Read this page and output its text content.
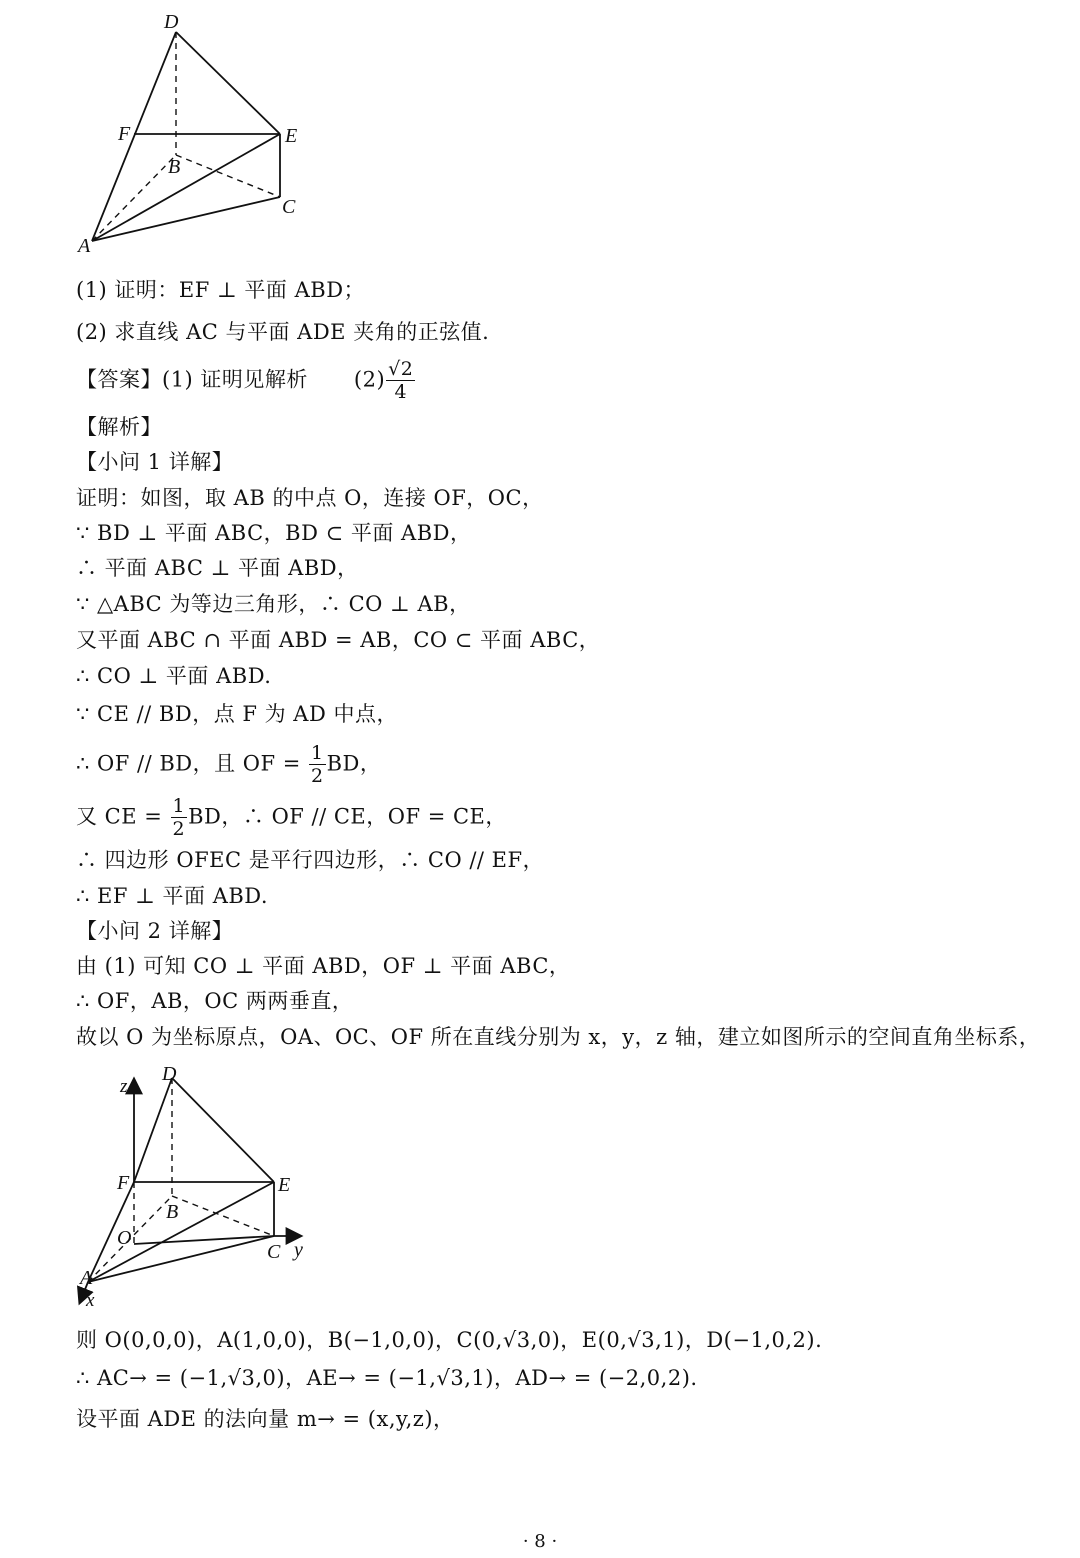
D
F	E
B
C
A
(1) 证明：EF ⊥ 平面 ABD；
(2) 求直线 AC 与平面 ADE 夹角的正弦值.
【答案】(1) 证明见解析 $(2) \frac{√2}{4}$
【解析】
【小问 1 详解】
证明：如图，取 AB 的中点 O，连接 OF，OC，
∵ BD ⊥ 平面 ABC，BD ⊂ 平面 ABD，
∴ 平面 ABC ⊥ 平面 ABD，
∵ △ABC 为等边三角形，∴ CO ⊥ AB，
又平面 ABC ∩ 平面 ABD = AB，CO ⊂ 平面 ABC，
∴ CO ⊥ 平面 ABD.
∵ CE // BD，点 F 为 AD 中点，
∴ OF // BD，且 OF = $\frac{1}{2}$ BD，
又 CE = $\frac{1}{2}$ BD，∴ OF // CE，OF = CE，
∴ 四边形 OFEC 是平行四边形，∴ CO // EF，
∴ EF ⊥ 平面 ABD.
【小问 2 详解】
由 (1) 可知 CO ⊥ 平面 ABD，OF ⊥ 平面 ABC，
∴ OF，AB，OC 两两垂直，
故以 O 为坐标原点，OA、OC、OF 所在直线分别为 x，y，z 轴，建立如图所示的空间直角坐标系，
z
D
F	E
B
O
C y
A
x
则 O(0,0,0)，A(1,0,0)，B(−1,0,0)，C(0,√3,0)，E(0,√3,1)，D(−1,0,2).
∴ AC→ = (−1,√3,0)，AE→ = (−1,√3,1)，AD→ = (−2,0,2).
设平面 ADE 的法向量 m→ = (x,y,z)，
· 8 ·
